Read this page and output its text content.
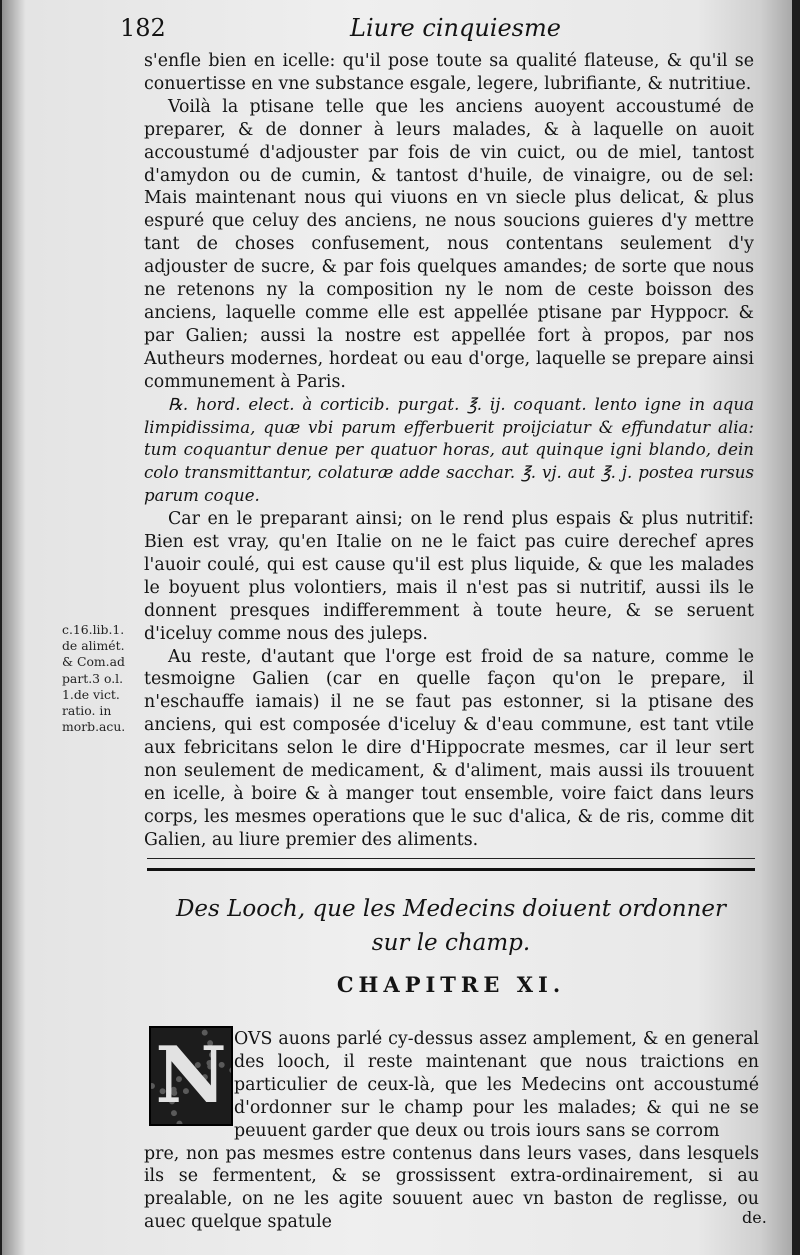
182	Liure cinquiesme

s'enfle bien en icelle: qu'il pose toute sa qualité flateuse, & qu'il se conuertisse en vne substance esgale, legere, lubrifiante, & nutritiue.

Voilà la ptisane telle que les anciens auoyent accoustumé de preparer, & de donner à leurs malades, & à laquelle on auoit accoustumé d'adjouster par fois de vin cuict, ou de miel, tantost d'amydon ou de cumin, & tantost d'huile, de vinaigre, ou de sel: Mais maintenant nous qui viuons en vn siecle plus delicat, & plus espuré que celuy des anciens, ne nous soucions guieres d'y mettre tant de choses confusement, nous contentans seulement d'y adjouster de sucre, & par fois quelques amandes; de sorte que nous ne retenons ny la composition ny le nom de ceste boisson des anciens, laquelle comme elle est appellée ptisane par Hyppocr. & par Galien; aussi la nostre est appellée fort à propos, par nos Autheurs modernes, hordeat ou eau d'orge, laquelle se prepare ainsi communement à Paris.

℞. hord. elect. à corticib. purgat. ℥. ij. coquant. lento igne in aqua limpidissima, quæ vbi parum efferbuerit proijciatur & effundatur alia: tum coquantur denue per quatuor horas, aut quinque igni blando, dein colo transmittantur, colaturæ adde sacchar. ℥. vj. aut ℥. j. postea rursus parum coque.

Car en le preparant ainsi; on le rend plus espais & plus nutritif: Bien est vray, qu'en Italie on ne le faict pas cuire derechef apres l'auoir coulé, qui est cause qu'il est plus liquide, & que les malades le boyuent plus volontiers, mais il n'est pas si nutritif, aussi ils le donnent presques indifferemment à toute heure, & se seruent d'iceluy comme nous des juleps.

Au reste, d'autant que l'orge est froid de sa nature, comme le tesmoigne Galien (car en quelle façon qu'on le prepare, il n'eschauffe iamais) il ne se faut pas estonner, si la ptisane des anciens, qui est composée d'iceluy & d'eau commune, est tant vtile aux febricitans selon le dire d'Hippocrate mesmes, car il leur sert non seulement de medicament, & d'aliment, mais aussi ils trouuent en icelle, à boire & à manger tout ensemble, voire faict dans leurs corps, les mesmes operations que le suc d'alica, & de ris, comme dit Galien, au liure premier des aliments.

c.16.lib.1.
de alimét.
& Com.ad
part.3 o.l.
1.de vict.
ratio. in
morb.acu.
Des Looch, que les Medecins doiuent ordonner
sur le champ.
CHAPITRE XI.

OVS auons parlé cy-dessus assez amplement, & en general des looch, il reste maintenant que nous traictions en particulier de ceux-là, que les Medecins ont accoustumé d'ordonner sur le champ pour les malades; & qui ne se peuuent garder que deux ou trois iours sans se corrom

pre, non pas mesmes estre contenus dans leurs vases, dans lesquels ils se fermentent, & se grossissent extra-ordinairement, si au prealable, on ne les agite souuent auec vn baston de reglisse, ou auec quelque spatule

N
de.
